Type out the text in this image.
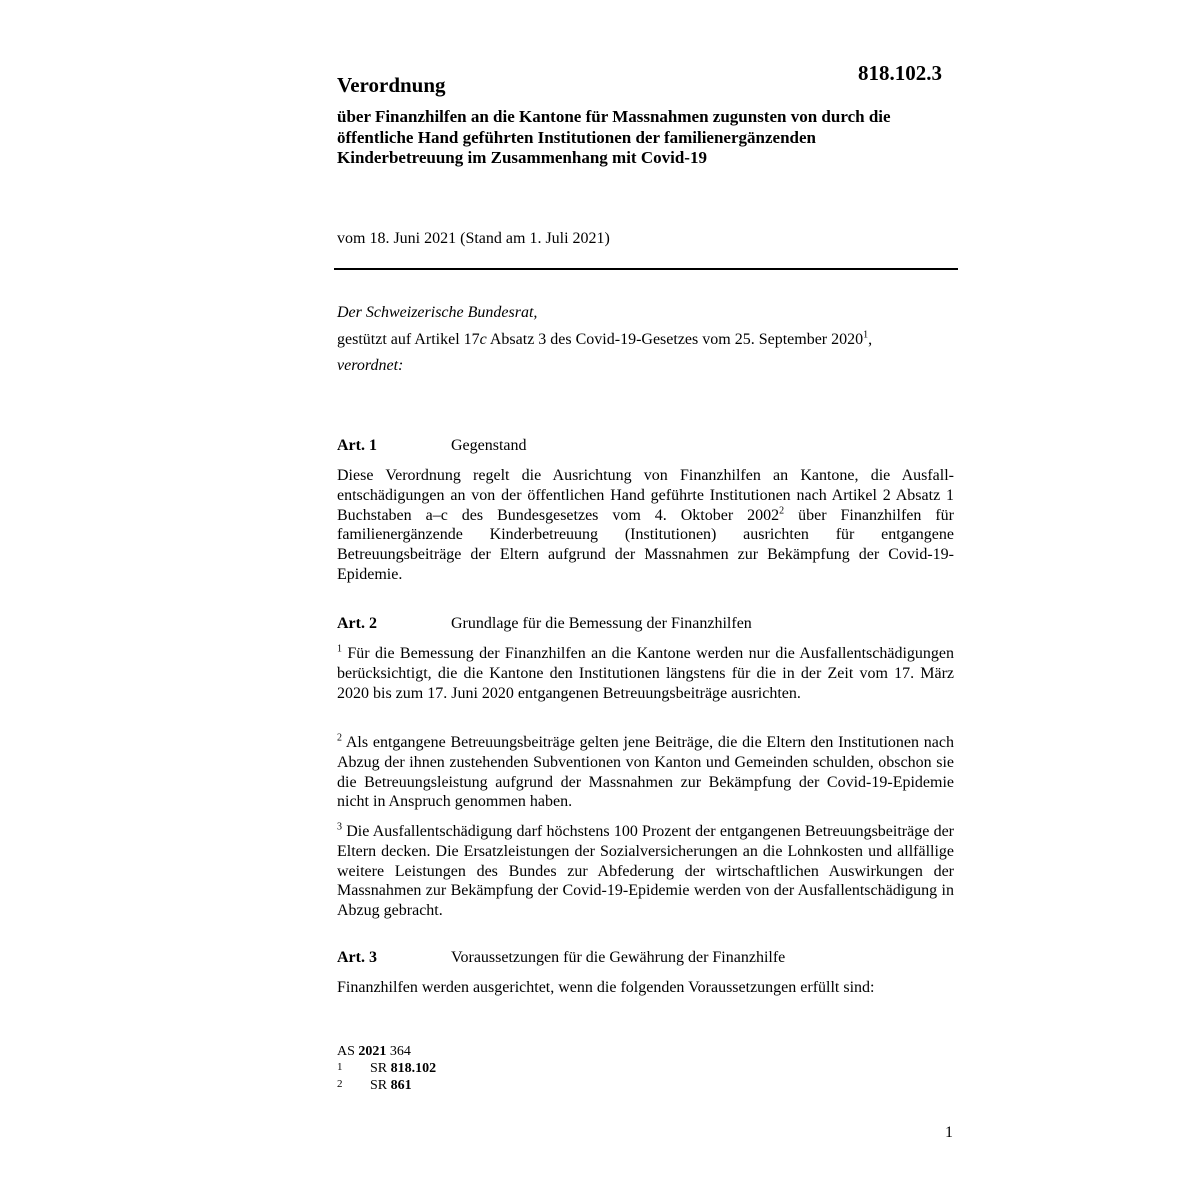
818.102.3
Verordnung
über Finanzhilfen an die Kantone für Massnahmen zugunsten von durch die öffentliche Hand geführten Institutionen der familienergänzenden Kinderbetreuung im Zusammenhang mit Covid-19
vom 18. Juni 2021 (Stand am 1. Juli 2021)
Der Schweizerische Bundesrat,
gestützt auf Artikel 17c Absatz 3 des Covid-19-Gesetzes vom 25. September 2020$^1$,
verordnet:
Art. 1	Gegenstand
Diese Verordnung regelt die Ausrichtung von Finanzhilfen an Kantone, die Ausfallentschädigungen an von der öffentlichen Hand geführte Institutionen nach Artikel 2 Absatz 1 Buchstaben a–c des Bundesgesetzes vom 4. Oktober 2002$^2$ über Finanzhilfen für familienergänzende Kinderbetreuung (Institutionen) ausrichten für entgangene Betreuungsbeiträge der Eltern aufgrund der Massnahmen zur Bekämpfung der Covid-19-Epidemie.
Art. 2	Grundlage für die Bemessung der Finanzhilfen
$^1$ Für die Bemessung der Finanzhilfen an die Kantone werden nur die Ausfallentschädigungen berücksichtigt, die die Kantone den Institutionen längstens für die in der Zeit vom 17. März 2020 bis zum 17. Juni 2020 entgangenen Betreuungsbeiträge ausrichten.
$^2$ Als entgangene Betreuungsbeiträge gelten jene Beiträge, die die Eltern den Institutionen nach Abzug der ihnen zustehenden Subventionen von Kanton und Gemeinden schulden, obschon sie die Betreuungsleistung aufgrund der Massnahmen zur Bekämpfung der Covid-19-Epidemie nicht in Anspruch genommen haben.
$^3$ Die Ausfallentschädigung darf höchstens 100 Prozent der entgangenen Betreuungsbeiträge der Eltern decken. Die Ersatzleistungen der Sozialversicherungen an die Lohnkosten und allfällige weitere Leistungen des Bundes zur Abfederung der wirtschaftlichen Auswirkungen der Massnahmen zur Bekämpfung der Covid-19-Epidemie werden von der Ausfallentschädigung in Abzug gebracht.
Art. 3	Voraussetzungen für die Gewährung der Finanzhilfe
Finanzhilfen werden ausgerichtet, wenn die folgenden Voraussetzungen erfüllt sind:
AS 2021 364
1 SR 818.102
2 SR 861
1
